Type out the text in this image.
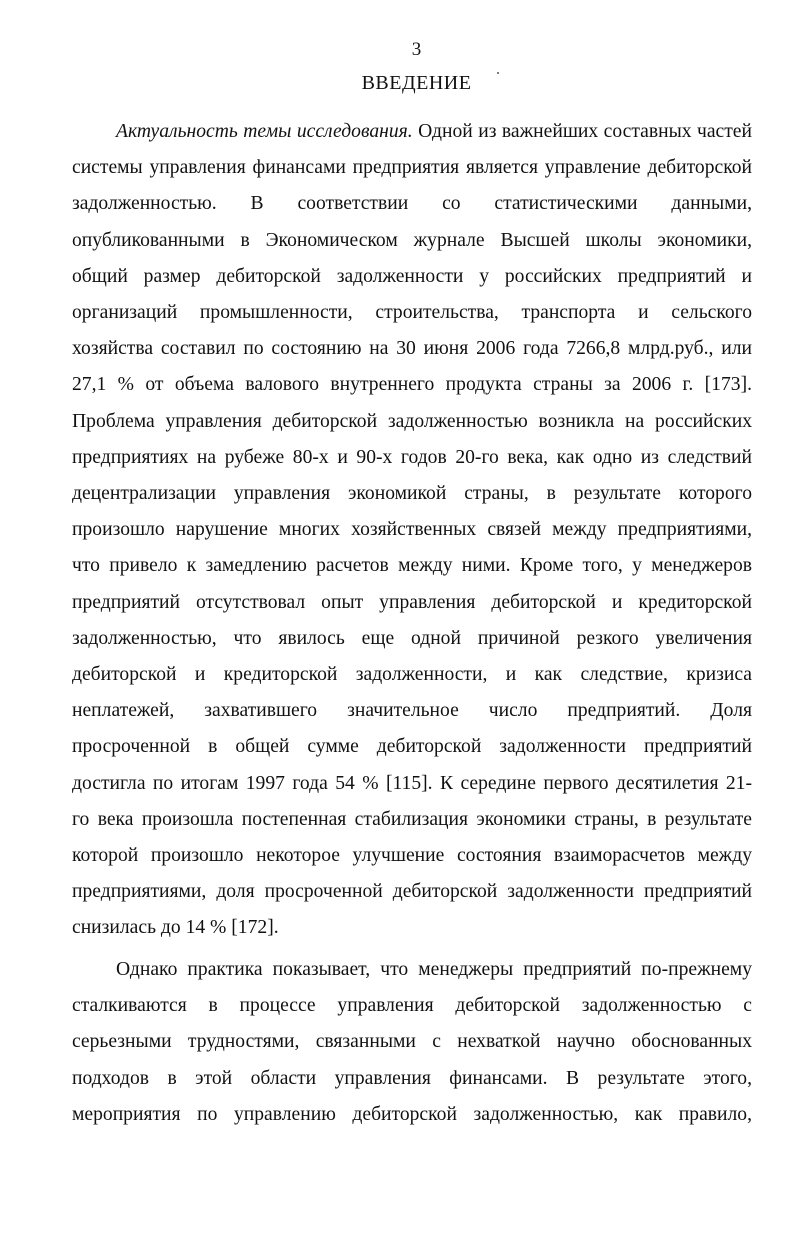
3
ВВЕДЕНИЕ
Актуальность темы исследования. Одной из важнейших составных частей
системы управления финансами предприятия является управление дебиторской
задолженностью. В соответствии со статистическими данными,
опубликованными в Экономическом журнале Высшей школы экономики,
общий размер дебиторской задолженности у российских предприятий и
организаций промышленности, строительства, транспорта и сельского
хозяйства составил по состоянию на 30 июня 2006 года 7266,8 млрд.руб., или
27,1 % от объема валового внутреннего продукта страны за 2006 г. [173].
Проблема управления дебиторской задолженностью возникла на российских
предприятиях на рубеже 80-х и 90-х годов 20-го века, как одно из следствий
децентрализации управления экономикой страны, в результате которого
произошло нарушение многих хозяйственных связей между предприятиями,
что привело к замедлению расчетов между ними. Кроме того, у менеджеров
предприятий отсутствовал опыт управления дебиторской и кредиторской
задолженностью, что явилось еще одной причиной резкого увеличения
дебиторской и кредиторской задолженности, и как следствие, кризиса
неплатежей, захватившего значительное число предприятий. Доля
просроченной в общей сумме дебиторской задолженности предприятий
достигла по итогам 1997 года 54 % [115]. К середине первого десятилетия 21-
го века произошла постепенная стабилизация экономики страны, в результате
которой произошло некоторое улучшение состояния взаиморасчетов между
предприятиями, доля просроченной дебиторской задолженности предприятий
снизилась до 14 % [172].
Однако практика показывает, что менеджеры предприятий по-прежнему
сталкиваются в процессе управления дебиторской задолженностью с
серьезными трудностями, связанными с нехваткой научно обоснованных
подходов в этой области управления финансами. В результате этого,
мероприятия по управлению дебиторской задолженностью, как правило,
